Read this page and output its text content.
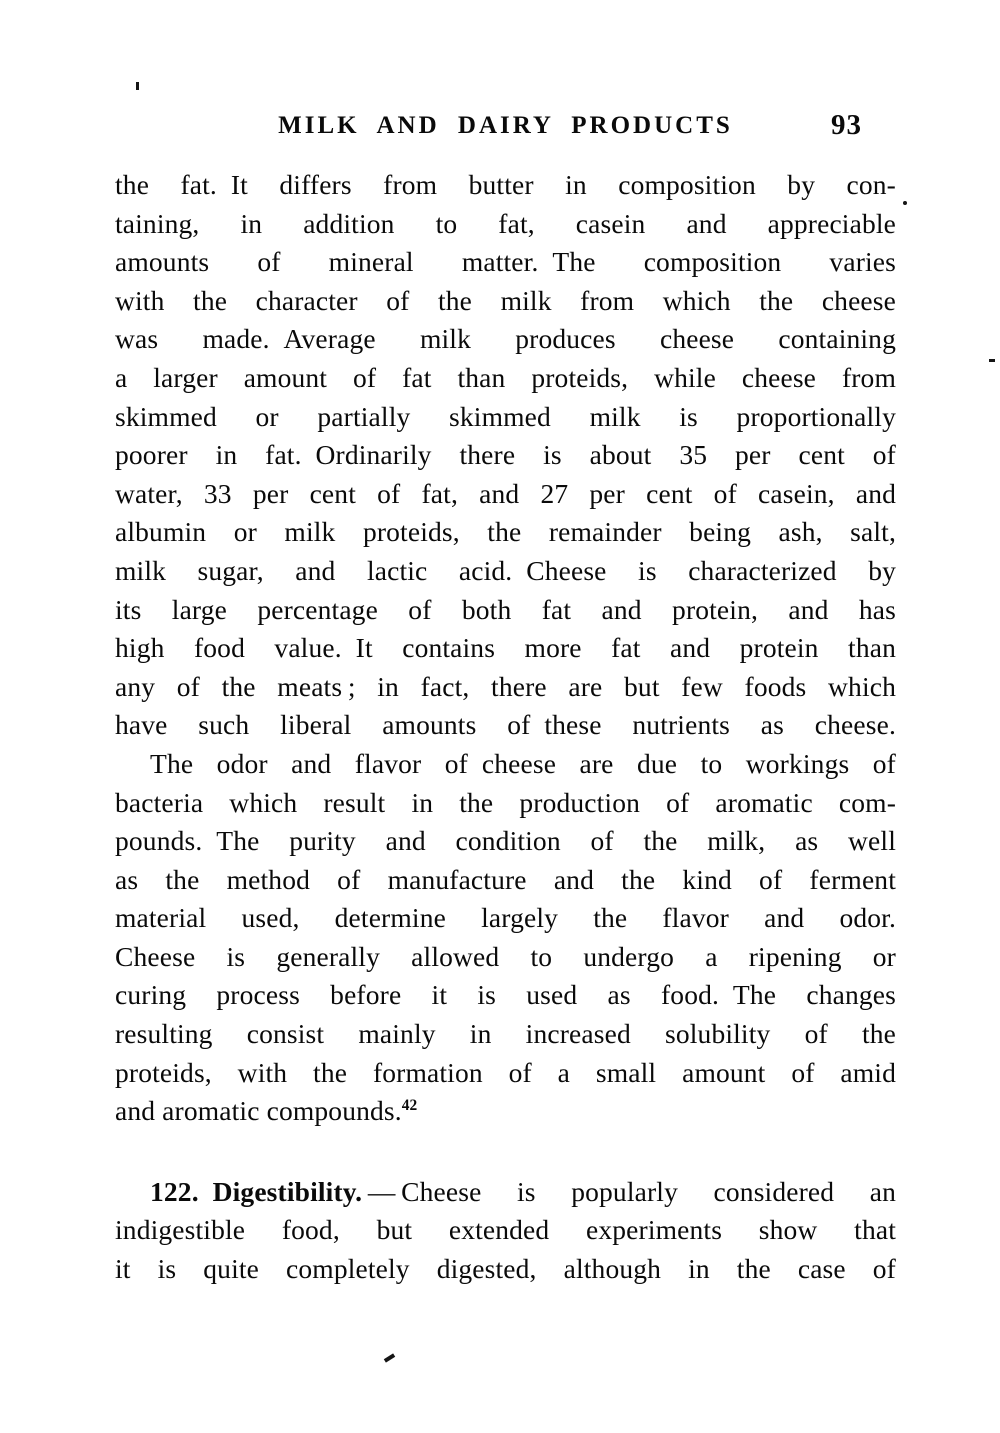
MILK AND DAIRY PRODUCTS	93

the fat. It differs from butter in composition by con-
taining, in addition to fat, casein and appreciable
amounts of mineral matter. The composition varies
with the character of the milk from which the cheese
was made. Average milk produces cheese containing
a larger amount of fat than proteids, while cheese from
skimmed or partially skimmed milk is proportionally
poorer in fat. Ordinarily there is about 35 per cent of
water, 33 per cent of fat, and 27 per cent of casein, and
albumin or milk proteids, the remainder being ash, salt,
milk sugar, and lactic acid. Cheese is characterized by
its large percentage of both fat and protein, and has
high food value. It contains more fat and protein than
any of the meats ; in fact, there are but few foods which
have such liberal amounts of these nutrients as cheese.

The odor and flavor of cheese are due to workings of
bacteria which result in the production of aromatic com-
pounds. The purity and condition of the milk, as well
as the method of manufacture and the kind of ferment
material used, determine largely the flavor and odor.
Cheese is generally allowed to undergo a ripening or
curing process before it is used as food. The changes
resulting consist mainly in increased solubility of the
proteids, with the formation of a small amount of amid
and aromatic compounds.$^{42}$

122. Digestibility. — Cheese is popularly considered an
indigestible food, but extended experiments show that
it is quite completely digested, although in the case of
